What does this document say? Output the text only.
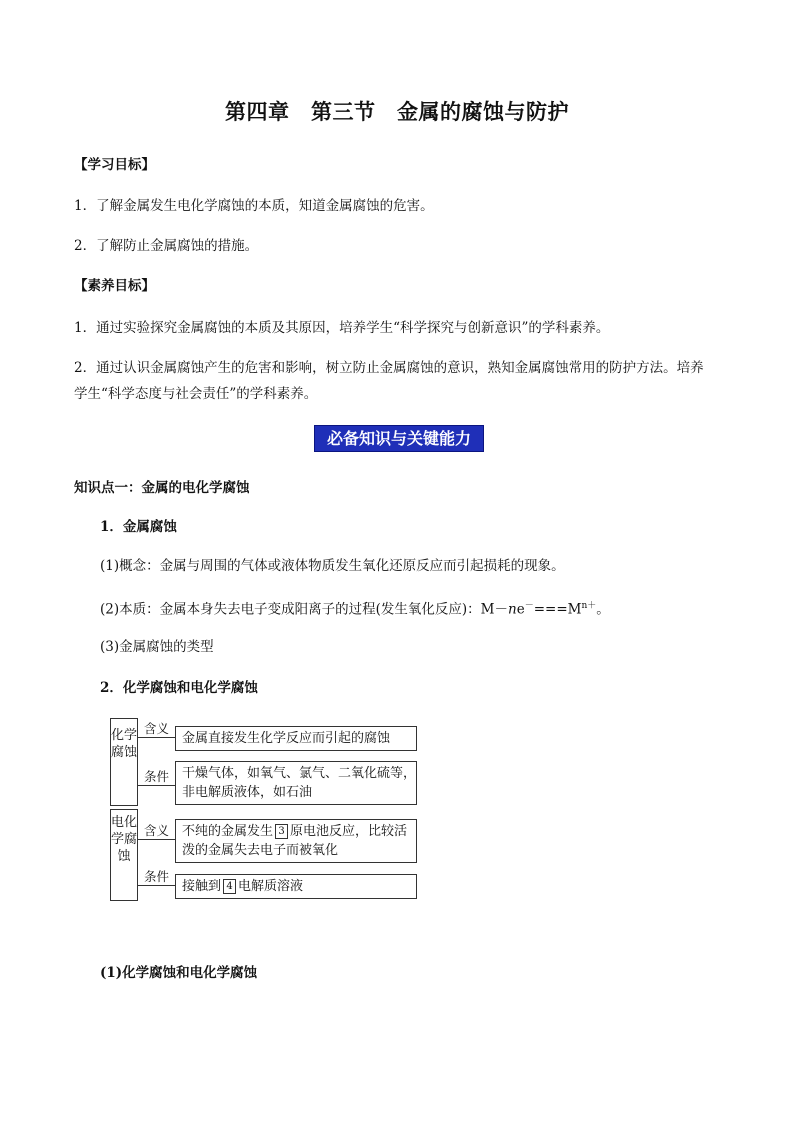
第四章　第三节　金属的腐蚀与防护
【学习目标】
1．了解金属发生电化学腐蚀的本质，知道金属腐蚀的危害。
2．了解防止金属腐蚀的措施。
【素养目标】
1．通过实验探究金属腐蚀的本质及其原因，培养学生“科学探究与创新意识”的学科素养。
2．通过认识金属腐蚀产生的危害和影响，树立防止金属腐蚀的意识，熟知金属腐蚀常用的防护方法。培养
学生“科学态度与社会责任”的学科素养。
必备知识与关键能力
知识点一：金属的电化学腐蚀
1．金属腐蚀
(1)概念：金属与周围的气体或液体物质发生氧化还原反应而引起损耗的现象。
(2)本质：金属本身失去电子变成阳离子的过程(发生氧化反应)：$M-ne^-===M^{n+}$。
(3)金属腐蚀的类型
2．化学腐蚀和电化学腐蚀
化学腐蚀
含义
金属直接发生化学反应而引起的腐蚀
条件 干燥气体，如氧气、氯气、二氧化硫等，
非电解质液体，如石油
电化学腐蚀
含义 不纯的金属发生 3 原电池反应，比较活
泼的金属失去电子而被氧化
条件
接触到 4 电解质溶液
(1)化学腐蚀和电化学腐蚀
